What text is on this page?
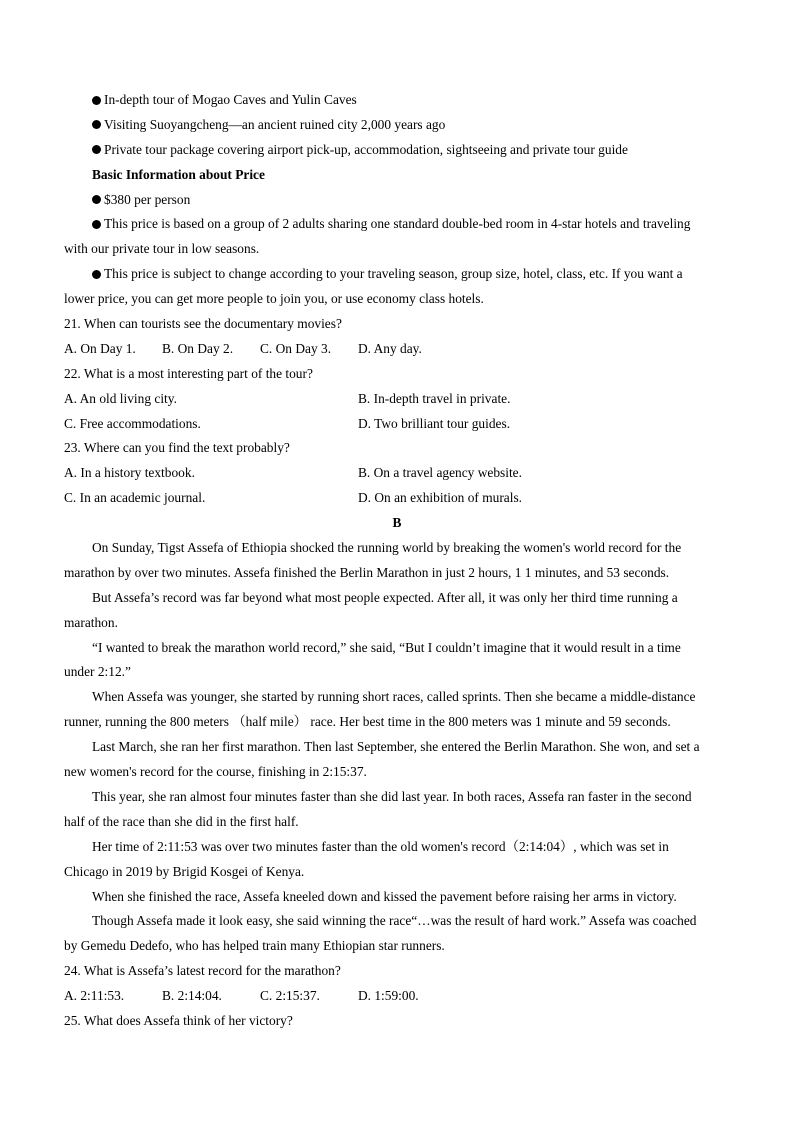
In-depth tour of Mogao Caves and Yulin Caves
Visiting Suoyangcheng—an ancient ruined city 2,000 years ago
Private tour package covering airport pick-up, accommodation, sightseeing and private tour guide
Basic Information about Price
$380 per person
This price is based on a group of 2 adults sharing one standard double-bed room in 4-star hotels and traveling
with our private tour in low seasons.
This price is subject to change according to your traveling season, group size, hotel, class, etc. If you want a
lower price, you can get more people to join you, or use economy class hotels.
21. When can tourists see the documentary movies?
A. On Day 1. B. On Day 2. C. On Day 3. D. Any day.
22. What is a most interesting part of the tour?
A. An old living city.	B. In-depth travel in private.
C. Free accommodations.	D. Two brilliant tour guides.
23. Where can you find the text probably?
A. In a history textbook.	B. On a travel agency website.
C. In an academic journal.	D. On an exhibition of murals.
B
On Sunday, Tigst Assefa of Ethiopia shocked the running world by breaking the women's world record for the
marathon by over two minutes. Assefa finished the Berlin Marathon in just 2 hours, 1 1 minutes, and 53 seconds.
But Assefa’s record was far beyond what most people expected. After all, it was only her third time running a
marathon.
“I wanted to break the marathon world record,” she said, “But I couldn’t imagine that it would result in a time
under 2:12.”
When Assefa was younger, she started by running short races, called sprints. Then she became a middle-distance
runner, running the 800 meters （half mile） race. Her best time in the 800 meters was 1 minute and 59 seconds.
Last March, she ran her first marathon. Then last September, she entered the Berlin Marathon. She won, and set a
new women's record for the course, finishing in 2:15:37.
This year, she ran almost four minutes faster than she did last year. In both races, Assefa ran faster in the second
half of the race than she did in the first half.
Her time of 2:11:53 was over two minutes faster than the old women's record（2:14:04）, which was set in
Chicago in 2019 by Brigid Kosgei of Kenya.
When she finished the race, Assefa kneeled down and kissed the pavement before raising her arms in victory.
Though Assefa made it look easy, she said winning the race“…was the result of hard work.” Assefa was coached
by Gemedu Dedefo, who has helped train many Ethiopian star runners.
24. What is Assefa’s latest record for the marathon?
A. 2:11:53.	B. 2:14:04.	C. 2:15:37.	D. 1:59:00.
25. What does Assefa think of her victory?
